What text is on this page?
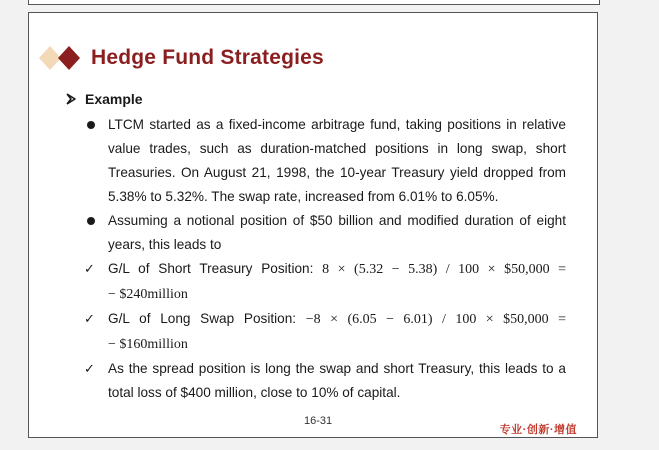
Hedge Fund Strategies
Example
LTCM started as a fixed-income arbitrage fund, taking positions in relative value trades, such as duration-matched positions in long swap, short Treasuries. On August 21, 1998, the 10-year Treasury yield dropped from 5.38% to 5.32%. The swap rate, increased from 6.01% to 6.05%.
Assuming a notional position of $50 billion and modified duration of eight years, this leads to
✓ G/L of Short Treasury Position: 8 × (5.32 − 5.38) / 100 × $50,000 =
− $240million
✓ G/L of Long Swap Position: −8 × (6.05 − 6.01) / 100 × $50,000 =
− $160million
✓ As the spread position is long the swap and short Treasury, this leads to a total loss of $400 million, close to 10% of capital.
16-31
专业·创新·增值
